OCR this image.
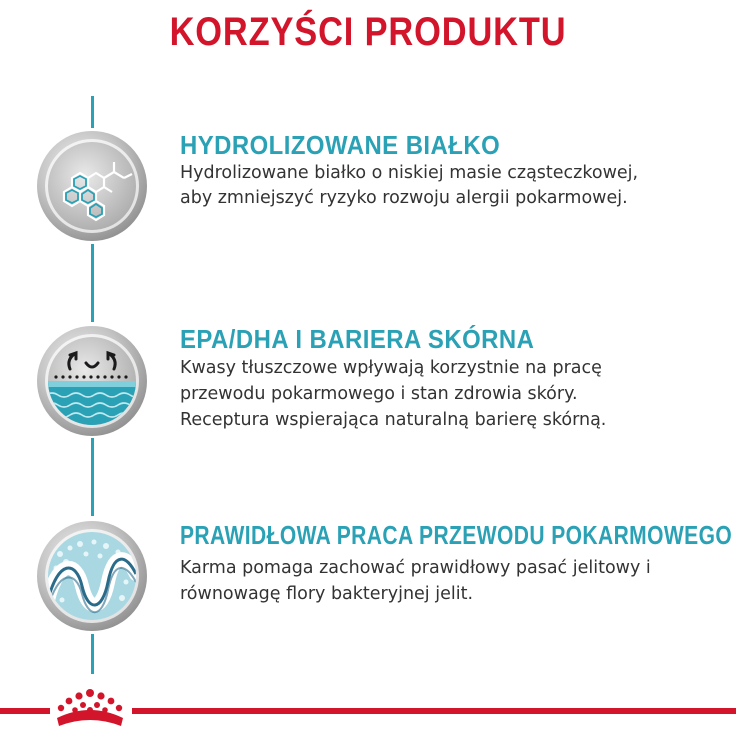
KORZYŚCI PRODUKTU
HYDROLIZOWANE BIAŁKO
Hydrolizowane białko o niskiej masie cząsteczkowej,
aby zmniejszyć ryzyko rozwoju alergii pokarmowej.
EPA/DHA I BARIERA SKÓRNA
Kwasy tłuszczowe wpływają korzystnie na pracę
przewodu pokarmowego i stan zdrowia skóry.
Receptura wspierająca naturalną barierę skórną.
PRAWIDŁOWA PRACA PRZEWODU POKARMOWEGO
Karma pomaga zachować prawidłowy pasać jelitowy i
równowagę flory bakteryjnej jelit.
